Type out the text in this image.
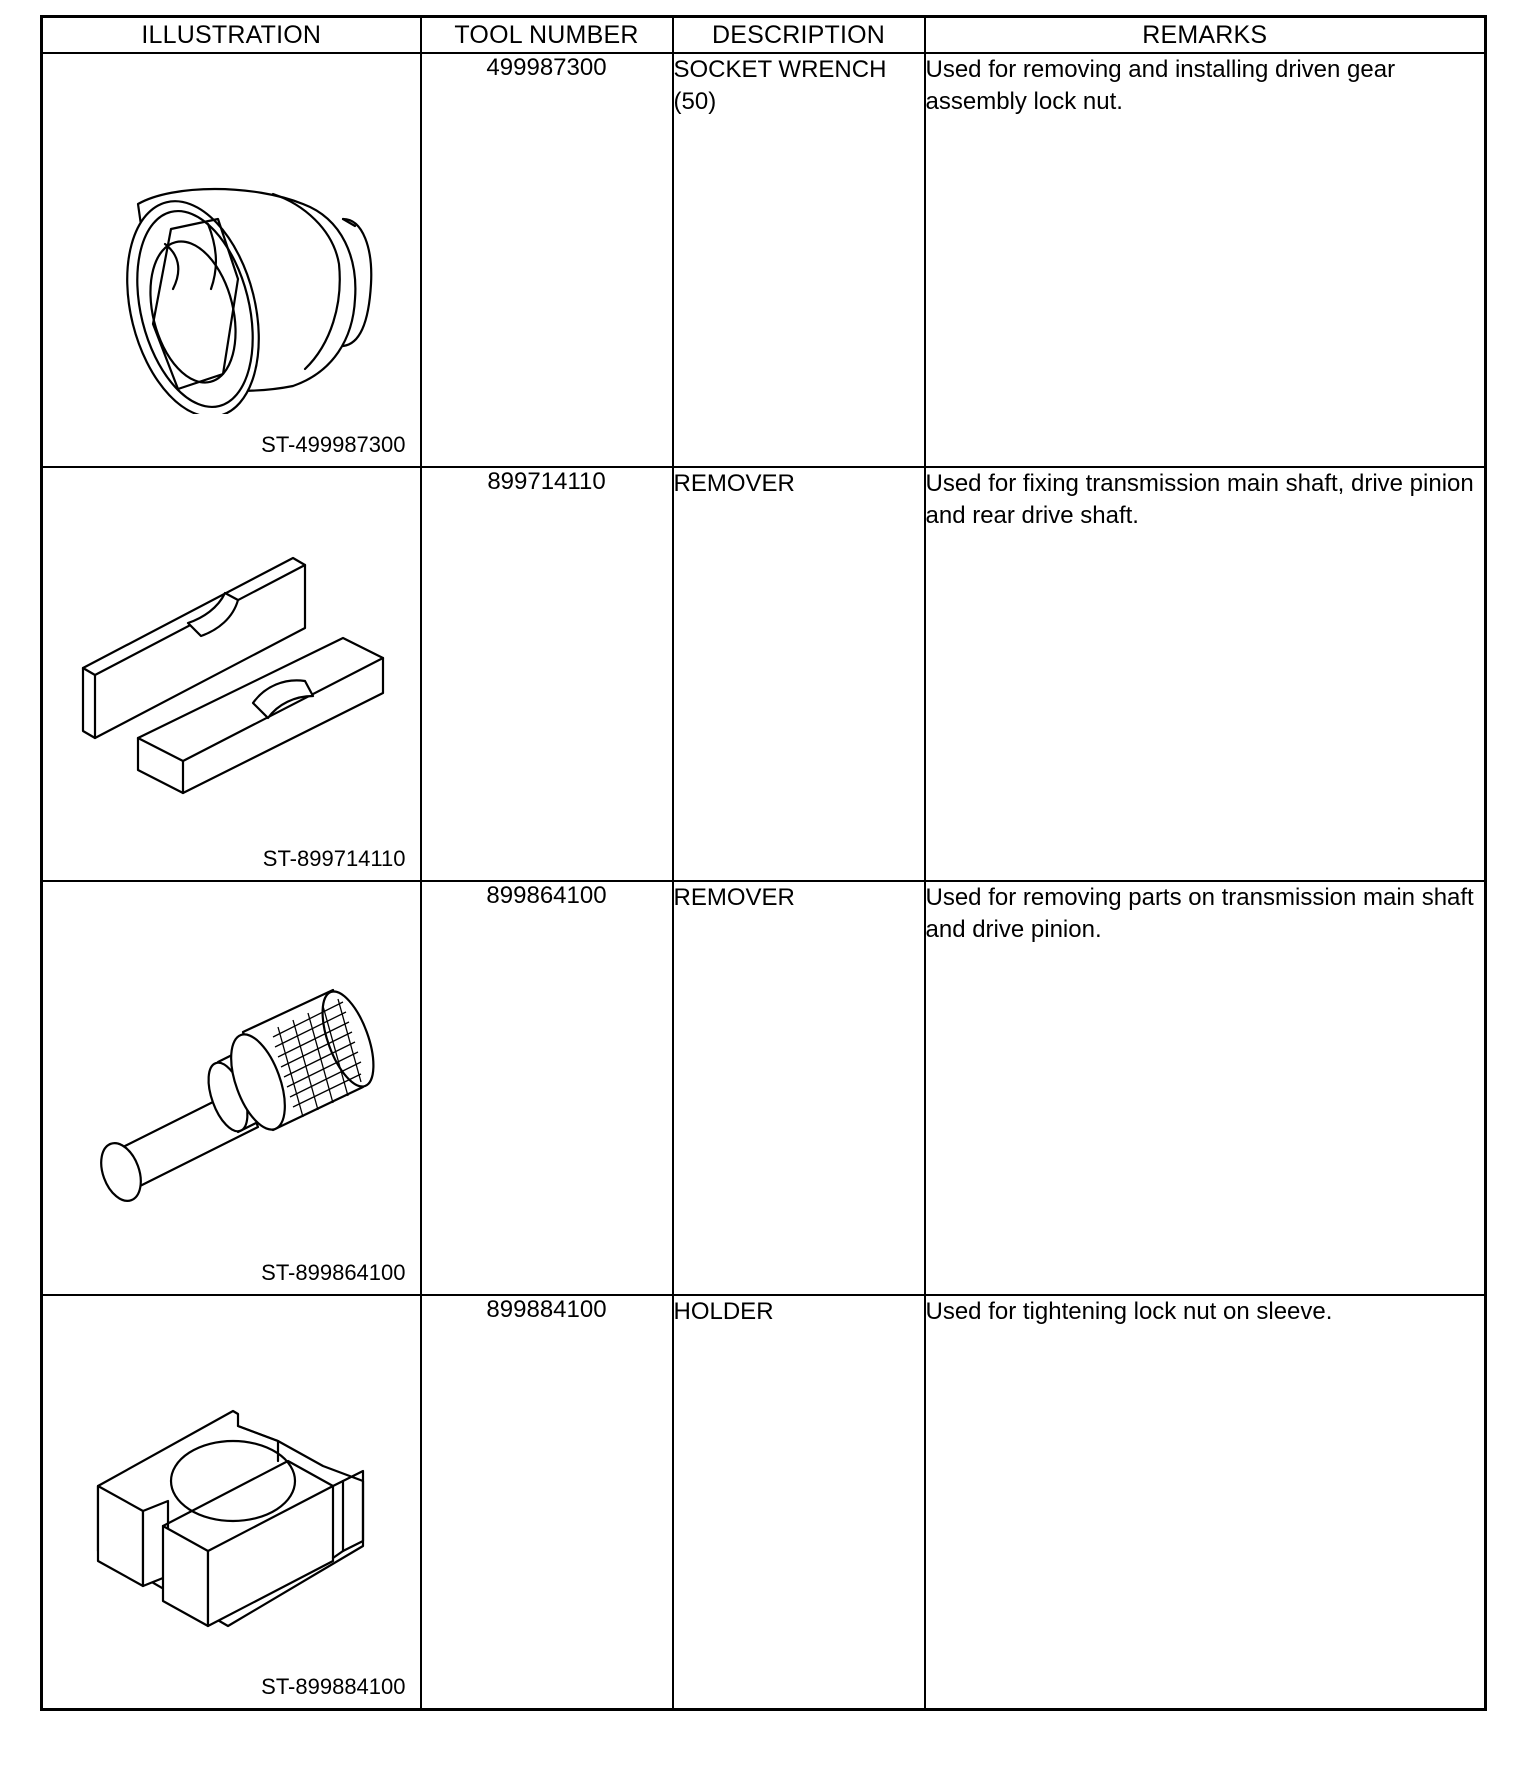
ILLUSTRATION	TOOL NUMBER	DESCRIPTION	REMARKS

ST-499987300	499987300	SOCKET WRENCH (50)	Used for removing and installing driven gear assembly lock nut.

ST-899714110	899714110	REMOVER	Used for fixing transmission main shaft, drive pinion and rear drive shaft.

ST-899864100	899864100	REMOVER	Used for removing parts on transmission main shaft and drive pinion.

ST-899884100	899884100	HOLDER	Used for tightening lock nut on sleeve.
